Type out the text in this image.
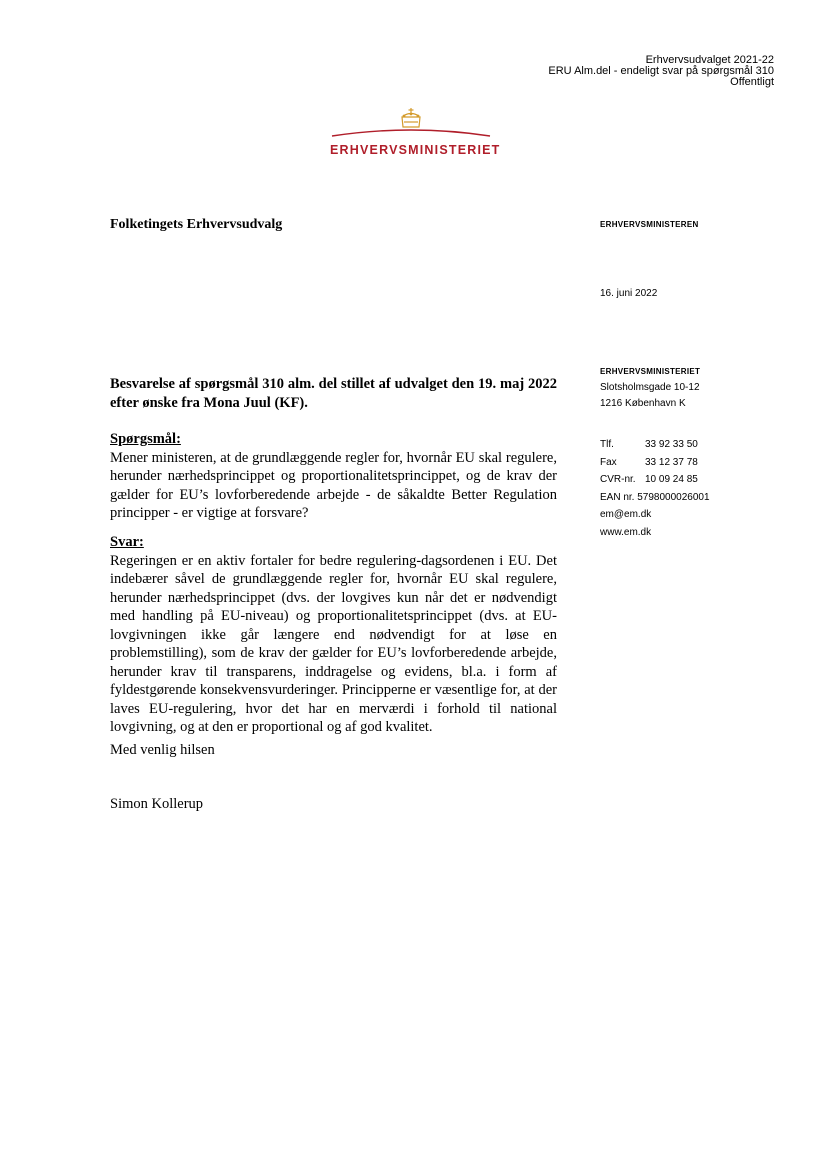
Erhvervsudvalget 2021-22
ERU Alm.del - endeligt svar på spørgsmål 310
Offentligt
ERHVERVSMINISTERIET
Folketingets Erhvervsudvalg	ERHVERVSMINISTEREN
16. juni 2022
ERHVERVSMINISTERIET
Slotsholmsgade 10-12
1216 København K
Tlf.	33 92 33 50
Fax	33 12 37 78
CVR-nr. 10 09 24 85
EAN nr. 5798000026001
em@em.dk
www.em.dk

Besvarelse af spørgsmål 310 alm. del stillet af udvalget den 19. maj 2022 efter ønske fra Mona Juul (KF).

Spørgsmål:

Mener ministeren, at de grundlæggende regler for, hvornår EU skal regulere, herunder nærhedsprincippet og proportionalitetsprincippet, og de krav der gælder for EU’s lovforberedende arbejde - de såkaldte Better Regulation principper - er vigtige at forsvare?

Svar:

Regeringen er en aktiv fortaler for bedre regulering-dagsordenen i EU. Det indebærer såvel de grundlæggende regler for, hvornår EU skal regulere, herunder nærhedsprincippet (dvs. der lovgives kun når det er nødvendigt med handling på EU-niveau) og proportionalitetsprincippet (dvs. at EU-lovgivningen ikke går længere end nødvendigt for at løse en problemstilling), som de krav der gælder for EU’s lovforberedende arbejde, herunder krav til transparens, inddragelse og evidens, bl.a. i form af fyldestgørende konsekvensvurderinger. Principperne er væsentlige for, at der laves EU-regulering, hvor det har en merværdi i forhold til national lovgivning, og at den er proportional og af god kvalitet.

Med venlig hilsen

Simon Kollerup
